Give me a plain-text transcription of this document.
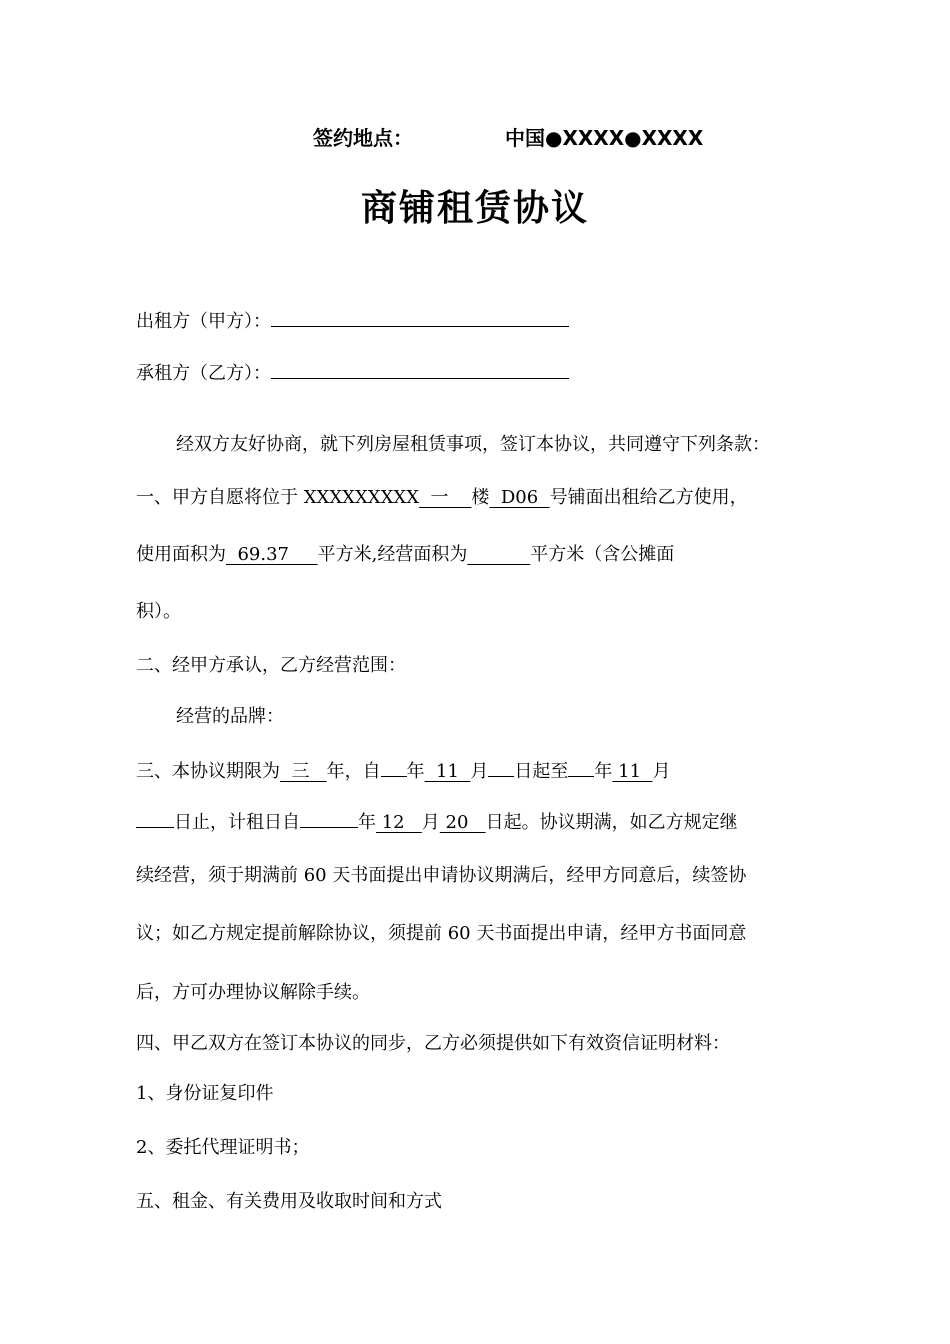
签约地点：	中国●XXXX●XXXX
商铺租赁协议
出租方（甲方）：
承租方（乙方）：
经双方友好协商，就下列房屋租赁事项，签订本协议，共同遵守下列条款：
一、甲方自愿将位于 XXXXXXXXX  一    楼  D06  号铺面出租给乙方使用，
使用面积为  69.37     平方米,经营面积为	平方米（含公摊面
积）。
二、经甲方承认，乙方经营范围：
经营的品牌：
三、本协议期限为  三   年，自 年  11  月 日起至 年 11  月
日止，计租日自	年 12   月 20   日起。协议期满，如乙方规定继
续经营，须于期满前 60 天书面提出申请协议期满后，经甲方同意后，续签协
议；如乙方规定提前解除协议，须提前 60 天书面提出申请，经甲方书面同意
后，方可办理协议解除手续。
四、甲乙双方在签订本协议的同步，乙方必须提供如下有效资信证明材料：
1、身份证复印件
2、委托代理证明书；
五、租金、有关费用及收取时间和方式
